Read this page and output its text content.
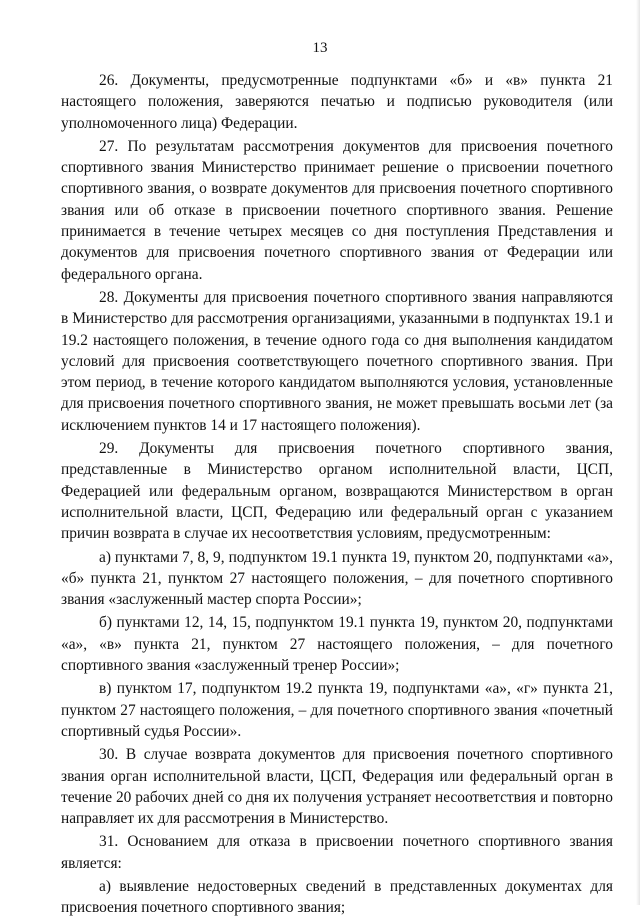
13

26. Документы, предусмотренные подпунктами «б» и «в» пункта 21 настоящего положения, заверяются печатью и подписью руководителя (или уполномоченного лица) Федерации.

27. По результатам рассмотрения документов для присвоения почетного спортивного звания Министерство принимает решение о присвоении почетного спортивного звания, о возврате документов для присвоения почетного спортивного звания или об отказе в присвоении почетного спортивного звания. Решение принимается в течение четырех месяцев со дня поступления Представления и документов для присвоения почетного спортивного звания от Федерации или федерального органа.

28. Документы для присвоения почетного спортивного звания направляются в Министерство для рассмотрения организациями, указанными в подпунктах 19.1 и 19.2 настоящего положения, в течение одного года со дня выполнения кандидатом условий для присвоения соответствующего почетного спортивного звания. При этом период, в течение которого кандидатом выполняются условия, установленные для присвоения почетного спортивного звания, не может превышать восьми лет (за исключением пунктов 14 и 17 настоящего положения).

29. Документы для присвоения почетного спортивного звания, представленные в Министерство органом исполнительной власти, ЦСП, Федерацией или федеральным органом, возвращаются Министерством в орган исполнительной власти, ЦСП, Федерацию или федеральный орган с указанием причин возврата в случае их несоответствия условиям, предусмотренным:

а) пунктами 7, 8, 9, подпунктом 19.1 пункта 19, пунктом 20, подпунктами «а», «б» пункта 21, пунктом 27 настоящего положения, – для почетного спортивного звания «заслуженный мастер спорта России»;

б) пунктами 12, 14, 15, подпунктом 19.1 пункта 19, пунктом 20, подпунктами «а», «в» пункта 21, пунктом 27 настоящего положения, – для почетного спортивного звания «заслуженный тренер России»;

в) пунктом 17, подпунктом 19.2 пункта 19, подпунктами «а», «г» пункта 21, пунктом 27 настоящего положения, – для почетного спортивного звания «почетный спортивный судья России».

30. В случае возврата документов для присвоения почетного спортивного звания орган исполнительной власти, ЦСП, Федерация или федеральный орган в течение 20 рабочих дней со дня их получения устраняет несоответствия и повторно направляет их для рассмотрения в Министерство.

31. Основанием для отказа в присвоении почетного спортивного звания является:

а) выявление недостоверных сведений в представленных документах для присвоения почетного спортивного звания;
